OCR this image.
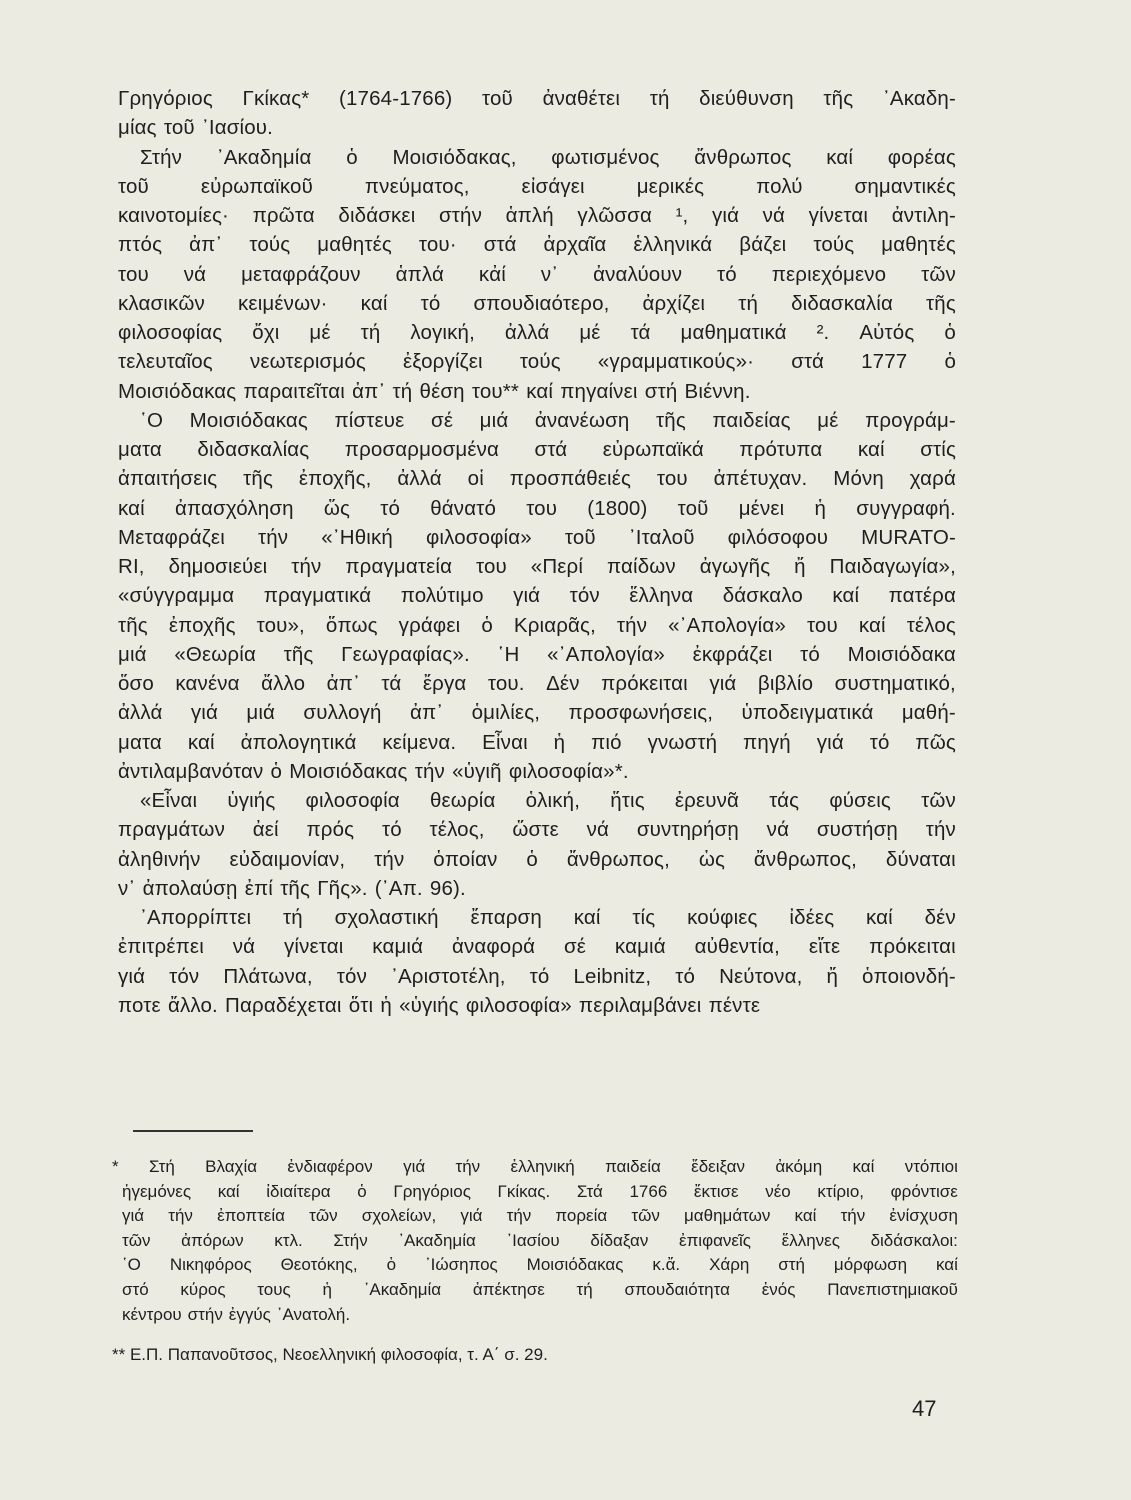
Γρηγόριος Γκίκας* (1764-1766) τοῦ ἀναθέτει τή διεύθυνση τῆς ᾿Ακαδη-
μίας τοῦ ᾿Ιασίου.
Στήν ᾿Ακαδημία ὁ Μοισιόδακας, φωτισμένος ἄνθρωπος καί φορέας
τοῦ	εὐρωπαϊκοῦ	πνεύματος,	εἰσάγει	μερικές	πολύ	σημαντικές
καινοτομίες· πρῶτα διδάσκει στήν ἁπλή γλῶσσα ¹, γιά νά γίνεται ἀντιλη-
πτός ἀπ᾿ τούς μαθητές του· στά ἀρχαῖα ἑλληνικά βάζει τούς μαθητές
του νά μεταφράζουν ἁπλά κἀί ν᾿ ἀναλύουν τό περιεχόμενο τῶν
κλασικῶν κειμένων· καί τό σπουδιαότερο, ἀρχίζει τή διδασκαλία τῆς
φιλοσοφίας ὄχι μέ τή λογική, ἀλλά μέ τά μαθηματικά ². Αὐτός ὁ
τελευταῖος νεωτερισμός ἐξοργίζει τούς «γραμματικούς»· στά 1777 ὁ
Μοισιόδακας παραιτεῖται ἀπ᾿ τή θέση του** καί πηγαίνει στή Βιέννη.
῾Ο Μοισιόδακας πίστευε σέ μιά ἀνανέωση τῆς παιδείας μέ προγράμ-
ματα διδασκαλίας προσαρμοσμένα στά εὐρωπαϊκά πρότυπα καί στίς
ἀπαιτήσεις τῆς ἐποχῆς, ἀλλά οἱ προσπάθειές του ἀπέτυχαν. Μόνη χαρά
καί ἀπασχόληση ὥς τό θάνατό του (1800) τοῦ μένει ἡ συγγραφή.
Μεταφράζει τήν «᾿Ηθική φιλοσοφία» τοῦ ᾿Ιταλοῦ φιλόσοφου MURATO-
RI, δημοσιεύει τήν πραγματεία του «Περί παίδων ἀγωγῆς ἤ Παιδαγωγία»,
«σύγγραμμα πραγματικά πολύτιμο γιά τόν ἕλληνα δάσκαλο καί πατέρα
τῆς ἐποχῆς του», ὅπως γράφει ὁ Κριαρᾶς, τήν «᾿Απολογία» του καί τέλος
μιά «Θεωρία τῆς Γεωγραφίας». ῾Η «᾿Απολογία» ἐκφράζει τό Μοισιόδακα
ὅσο κανένα ἄλλο ἀπ᾿ τά ἔργα του. Δέν πρόκειται γιά βιβλίο συστηματικό,
ἀλλά γιά μιά συλλογή ἀπ᾿ ὁμιλίες, προσφωνήσεις, ὑποδειγματικά μαθή-
ματα καί ἀπολογητικά κείμενα. Εἶναι ἡ πιό γνωστή πηγή γιά τό πῶς
ἀντιλαμβανόταν ὁ Μοισιόδακας τήν «ὑγιῆ φιλοσοφία»*.
«Εἶναι ὑγιής φιλοσοφία θεωρία ὁλική, ἥτις ἐρευνᾶ τάς φύσεις τῶν
πραγμάτων ἀεί πρός τό τέλος, ὥστε νά συντηρήσῃ νά συστήσῃ τήν
ἀληθινήν εὐδαιμονίαν, τήν ὁποίαν ὁ ἄνθρωπος, ὡς ἄνθρωπος, δύναται
ν᾿ ἀπολαύσῃ ἐπί τῆς Γῆς». (᾿Απ. 96).
᾿Απορρίπτει τή σχολαστική ἔπαρση καί τίς κούφιες ἰδέες καί δέν
ἐπιτρέπει νά γίνεται καμιά ἀναφορά σέ καμιά αὐθεντία, εἴτε πρόκειται
γιά τόν Πλάτωνα, τόν ᾿Αριστοτέλη, τό Leibnitz, τό Νεύτονα, ἤ ὁποιονδή-
ποτε ἄλλο. Παραδέχεται ὅτι ἡ «ὑγιής φιλοσοφία» περιλαμβάνει πέντε
* Στή Βλαχία ἐνδιαφέρον γιά τήν ἑλληνική παιδεία ἔδειξαν ἀκόμη καί ντόπιοι
ἡγεμόνες καί ἰδιαίτερα ὁ Γρηγόριος Γκίκας. Στά 1766 ἔκτισε νέο κτίριο, φρόντισε
γιά τήν ἐποπτεία τῶν σχολείων, γιά τήν πορεία τῶν μαθημάτων καί τήν ἐνίσχυση
τῶν ἀπόρων κτλ. Στήν ᾿Ακαδημία ᾿Ιασίου δίδαξαν ἐπιφανεῖς ἕλληνες διδάσκαλοι:
῾Ο Νικηφόρος Θεοτόκης, ὁ ᾿Ιώσηπος Μοισιόδακας κ.ἄ. Χάρη στή μόρφωση καί
στό κύρος τους ἡ ᾿Ακαδημία ἀπέκτησε τή σπουδαιότητα ἑνός Πανεπιστημιακοῦ
κέντρου στήν ἐγγύς ᾿Ανατολή.
** Ε.Π. Παπανοῦτσος, Νεοελληνική φιλοσοφία, τ. Α΄ σ. 29.
47
